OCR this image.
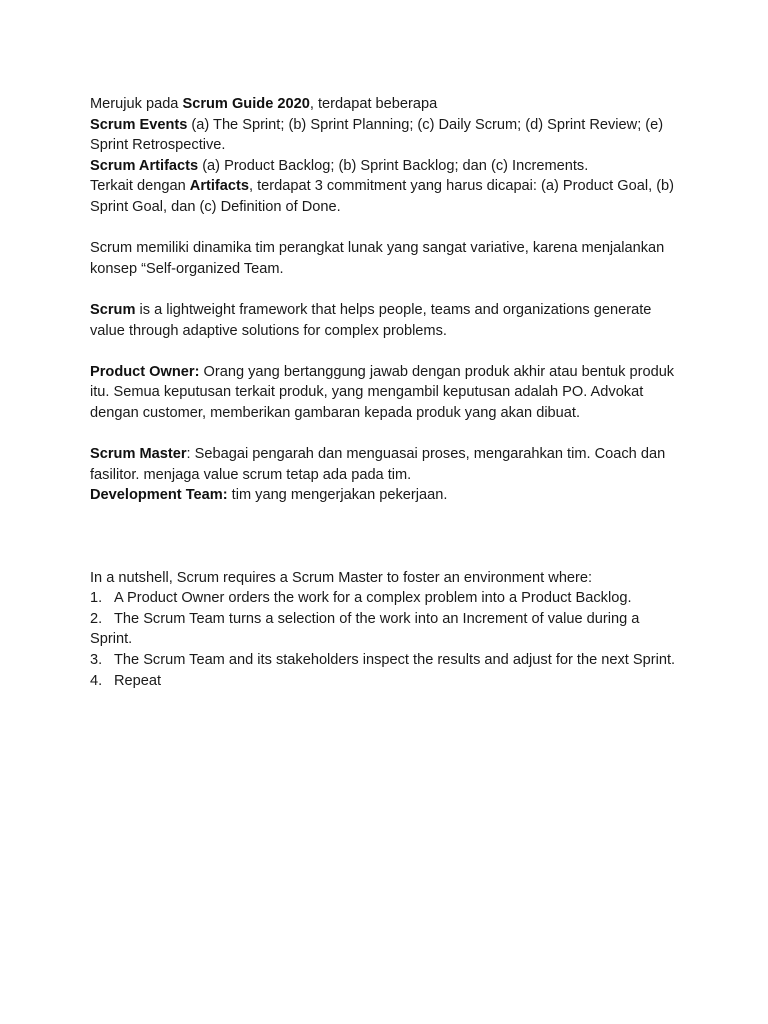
Merujuk pada Scrum Guide 2020, terdapat beberapa

Scrum Events (a) The Sprint; (b) Sprint Planning; (c) Daily Scrum; (d) Sprint Review; (e) Sprint Retrospective.

Scrum Artifacts (a) Product Backlog; (b) Sprint Backlog; dan (c) Increments.

Terkait dengan Artifacts, terdapat 3 commitment yang harus dicapai: (a) Product Goal, (b) Sprint Goal, dan (c) Definition of Done.

Scrum memiliki dinamika tim perangkat lunak yang sangat variative, karena menjalankan konsep “Self-organized Team.

Scrum is a lightweight framework that helps people, teams and organizations generate value through adaptive solutions for complex problems.

Product Owner: Orang yang bertanggung jawab dengan produk akhir atau bentuk produk itu. Semua keputusan terkait produk, yang mengambil keputusan adalah PO. Advokat dengan customer, memberikan gambaran kepada produk yang akan dibuat.

Scrum Master: Sebagai pengarah dan menguasai proses, mengarahkan tim. Coach dan fasilitor. menjaga value scrum tetap ada pada tim.

Development Team: tim yang mengerjakan pekerjaan.

In a nutshell, Scrum requires a Scrum Master to foster an environment where:

1. A Product Owner orders the work for a complex problem into a Product Backlog.
2. The Scrum Team turns a selection of the work into an Increment of value during a Sprint.
3. The Scrum Team and its stakeholders inspect the results and adjust for the next Sprint.
4. Repeat
